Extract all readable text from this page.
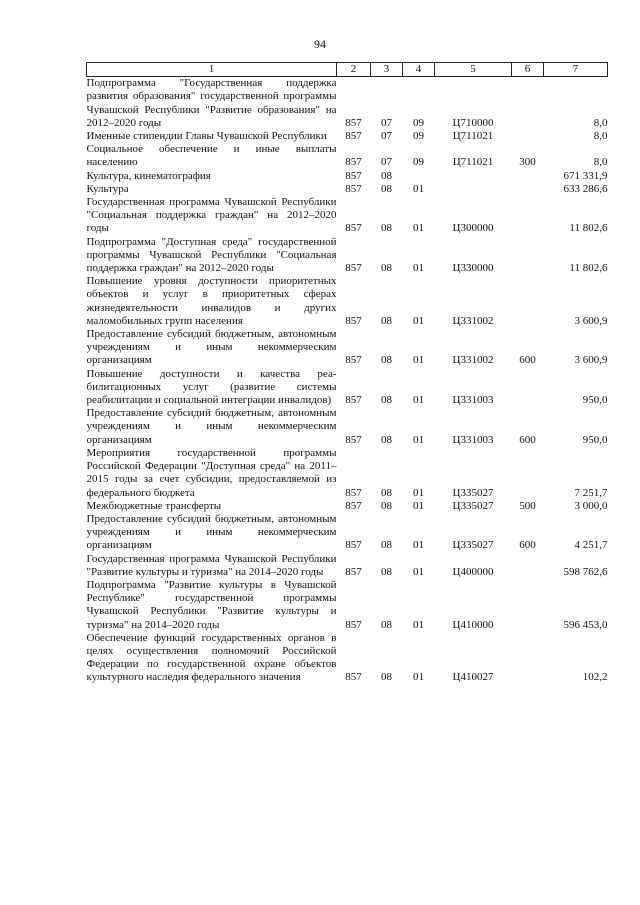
94
1	2	3	4	5	6	7
Подпрограмма "Государственная поддержка развития образования" государственной программы Чувашской Республики "Развитие образования" на 2012–2020 годы	857	07	09	Ц710000		8,0
Именные стипендии Главы Чувашской Республики	857	07	09	Ц711021		8,0
Социальное обеспечение и иные выплаты населению	857	07	09	Ц711021	300	8,0
Культура, кинематография	857	08				671 331,9
Культура	857	08	01			633 286,6
Государственная программа Чувашской Республики "Социальная поддержка граждан" на 2012–2020 годы	857	08	01	Ц300000		11 802,6
Подпрограмма "Доступная среда" государственной программы Чувашской Республики "Социальная поддержка граждан" на 2012–2020 годы	857	08	01	Ц330000		11 802,6
Повышение уровня доступности приоритетных объектов и услуг в приоритетных сферах жизнедеятельности инвалидов и других маломобильных групп населения	857	08	01	Ц331002		3 600,9
Предоставление субсидий бюджетным, автономным учреждениям и иным некоммерческим организациям	857	08	01	Ц331002	600	3 600,9
Повышение доступности и качества реабилитационных услуг (развитие системы реабилитации и социальной интеграции инвалидов)	857	08	01	Ц331003		950,0
Предоставление субсидий бюджетным, автономным учреждениям и иным некоммерческим организациям	857	08	01	Ц331003	600	950,0
Мероприятия государственной программы Российской Федерации "Доступная среда" на 2011–2015 годы за счет субсидии, предоставляемой из федерального бюджета	857	08	01	Ц335027		7 251,7
Межбюджетные трансферты	857	08	01	Ц335027	500	3 000,0
Предоставление субсидий бюджетным, автономным учреждениям и иным некоммерческим организациям	857	08	01	Ц335027	600	4 251,7
Государственная программа Чувашской Республики "Развитие культуры и туризма" на 2014–2020 годы	857	08	01	Ц400000		598 762,6
Подпрограмма "Развитие культуры в Чувашской Республике" государственной программы Чувашской Республики "Развитие культуры и туризма" на 2014–2020 годы	857	08	01	Ц410000		596 453,0
Обеспечение функций государственных органов в целях осуществления полномочий Российской Федерации по государственной охране объектов культурного наследия федерального значения	857	08	01	Ц410027		102,2
